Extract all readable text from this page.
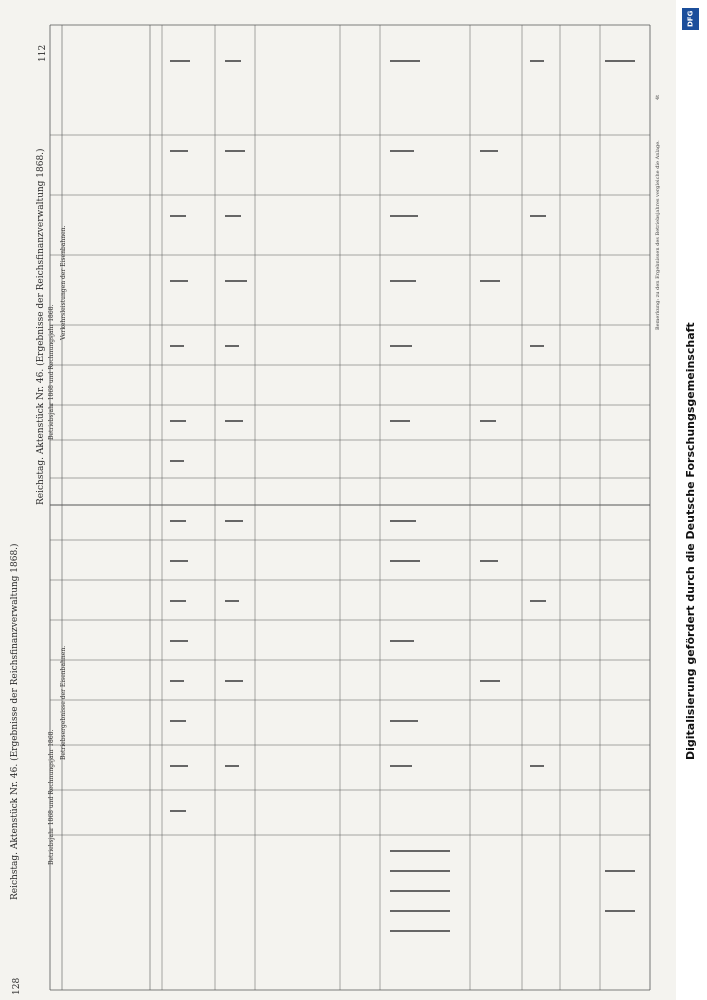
128
112
Reichstag. Aktenstück Nr. 46. (Ergebnisse der Reichsfinanzverwaltung 1868.)
Reichstag. Aktenstück Nr. 46. (Ergebnisse der Reichsfinanzverwaltung 1868.)
Betriebsjahr 1868 und Rechnungsjahr 1868.
Betriebsjahr 1868 und Rechnungsjahr 1868.
Verkehrsleistungen der Eisenbahnen.
Betriebsergebnisse der Eisenbahnen.
Bemerkung: zu den Ergebnissen des Betriebsjahres vergleiche die Anlage.
4t
DFG
Digitalisierung gefördert durch die Deutsche Forschungsgemeinschaft
